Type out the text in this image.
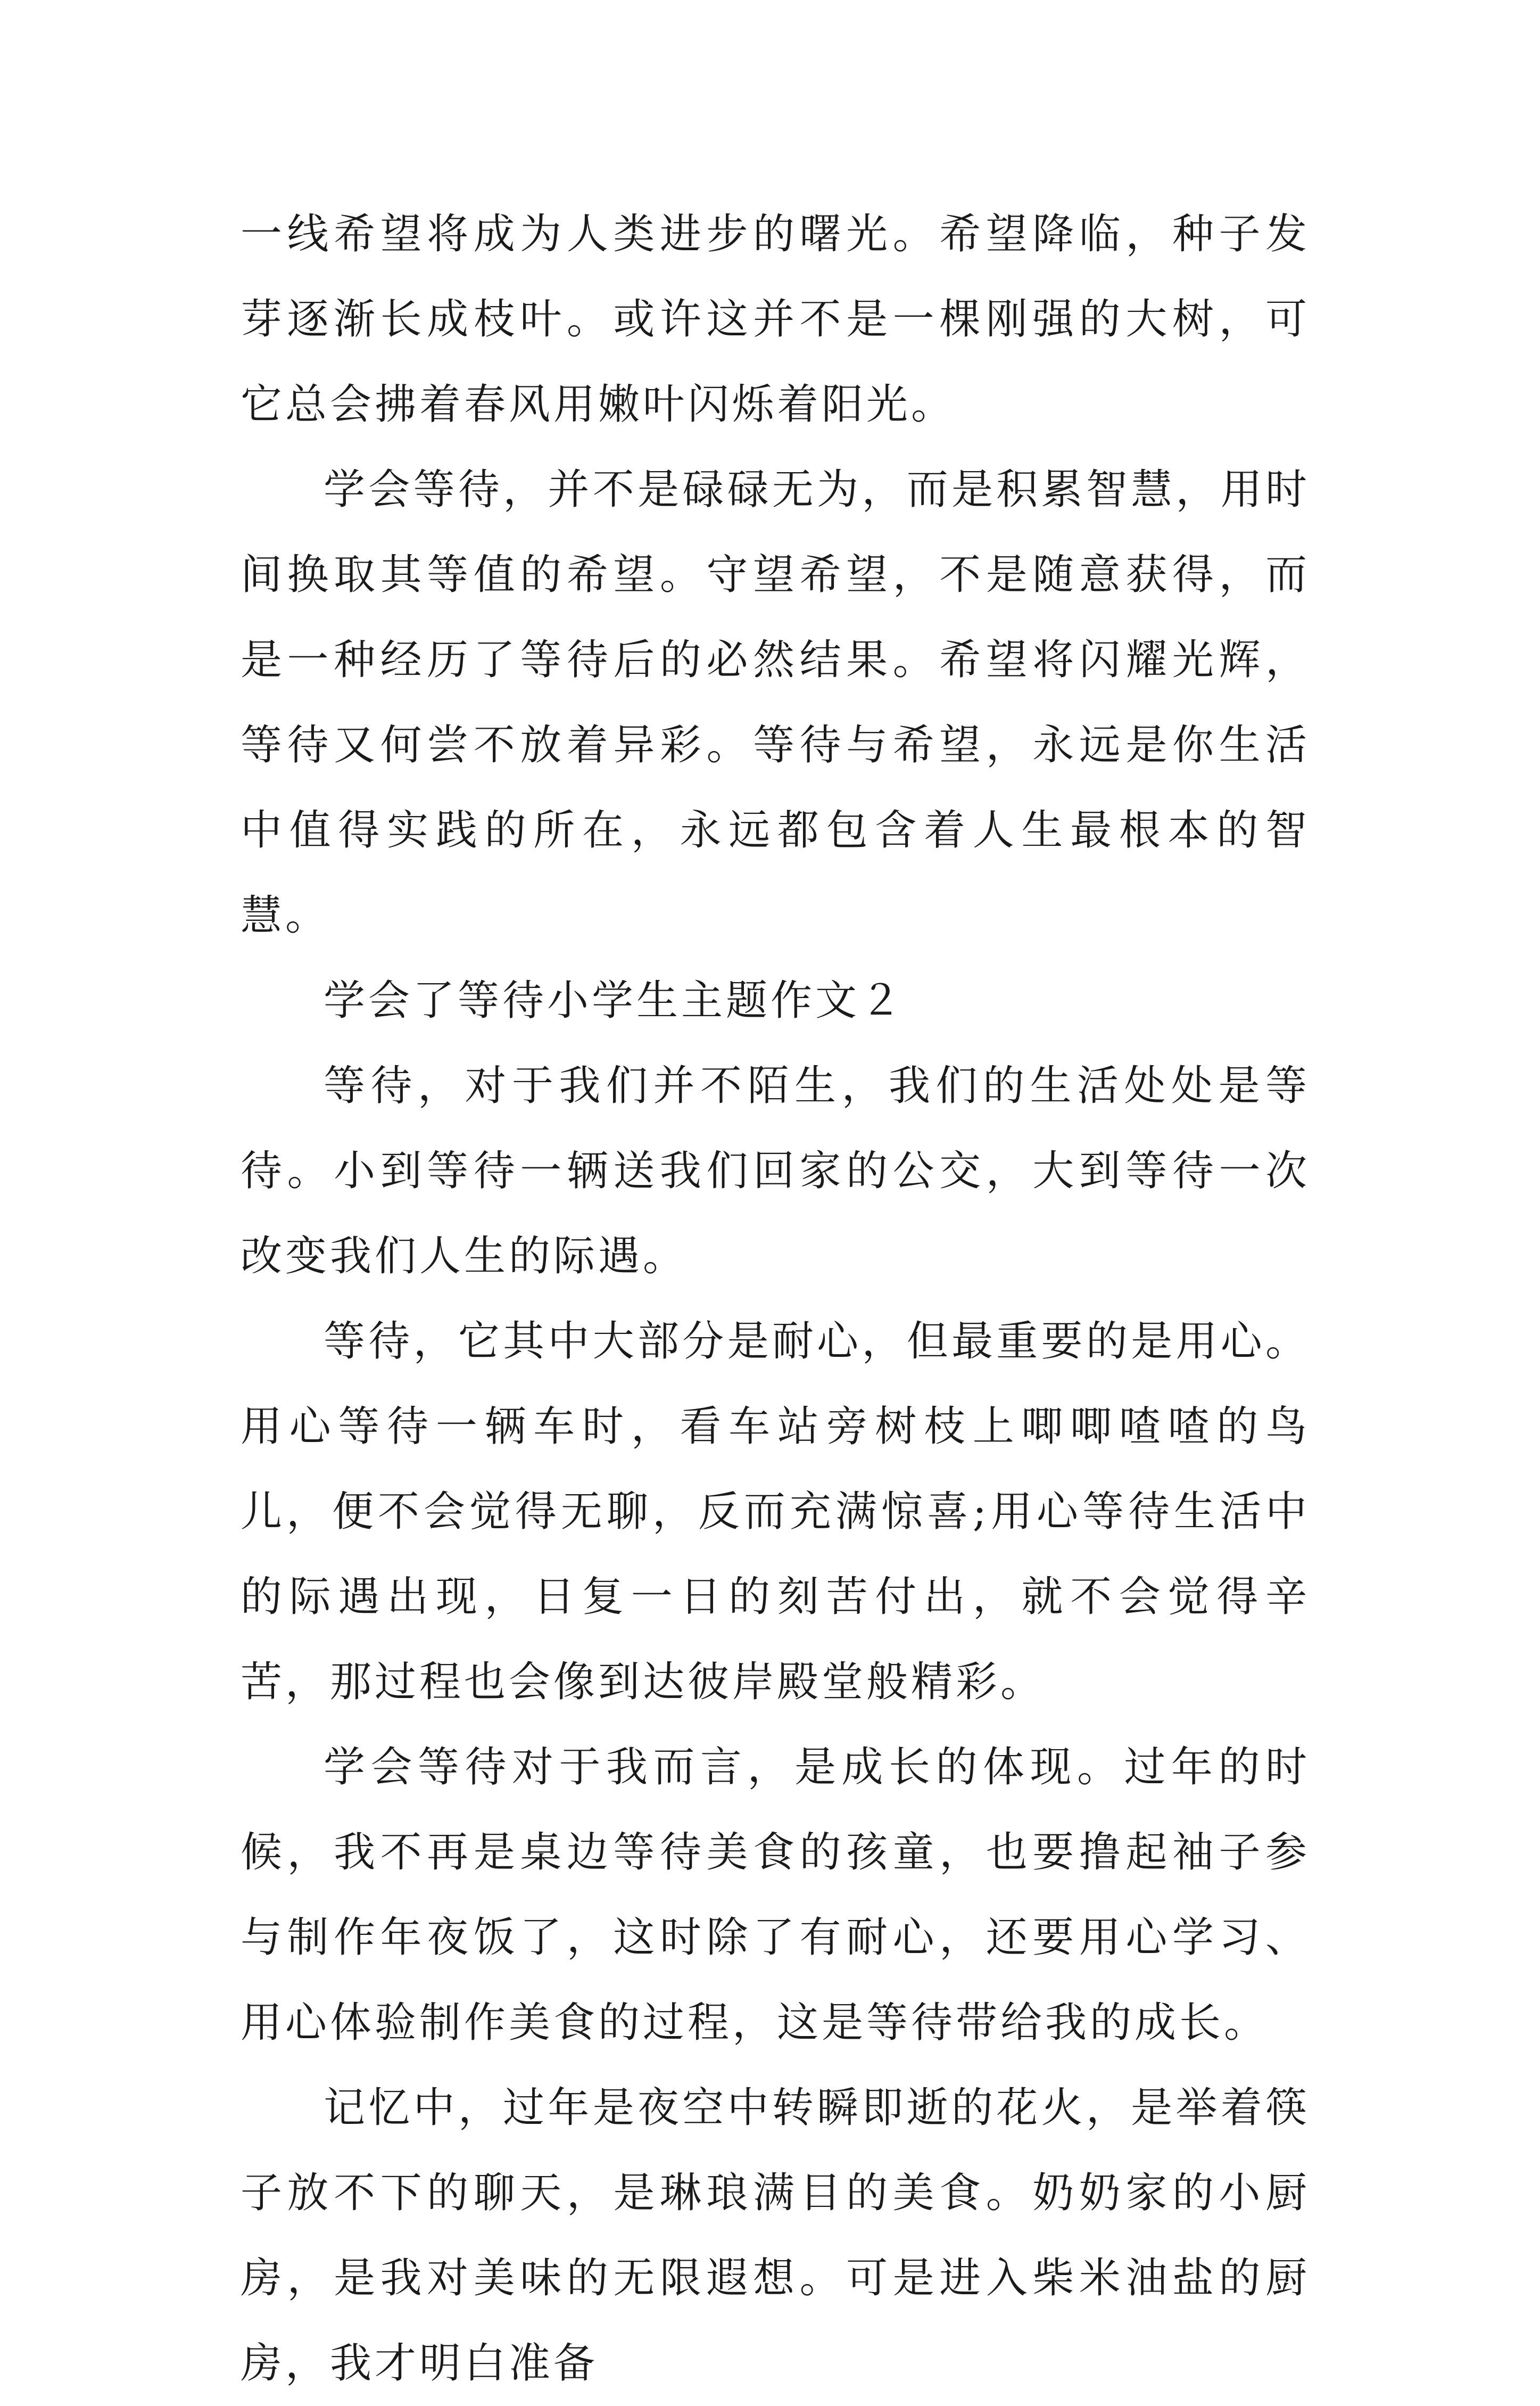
一线希望将成为人类进步的曙光。希望降临，种子发芽逐渐长成枝叶。或许这并不是一棵刚强的大树，可它总会拂着春风用嫩叶闪烁着阳光。

学会等待，并不是碌碌无为，而是积累智慧，用时间换取其等值的希望。守望希望，不是随意获得，而是一种经历了等待后的必然结果。希望将闪耀光辉，等待又何尝不放着异彩。等待与希望，永远是你生活中值得实践的所在，永远都包含着人生最根本的智慧。

学会了等待小学生主题作文２

等待，对于我们并不陌生，我们的生活处处是等待。小到等待一辆送我们回家的公交，大到等待一次改变我们人生的际遇。

等待，它其中大部分是耐心，但最重要的是用心。用心等待一辆车时，看车站旁树枝上唧唧喳喳的鸟儿，便不会觉得无聊，反而充满惊喜;用心等待生活中的际遇出现，日复一日的刻苦付出，就不会觉得辛苦，那过程也会像到达彼岸殿堂般精彩。

学会等待对于我而言，是成长的体现。过年的时候，我不再是桌边等待美食的孩童，也要撸起袖子参与制作年夜饭了，这时除了有耐心，还要用心学习、用心体验制作美食的过程，这是等待带给我的成长。

记忆中，过年是夜空中转瞬即逝的花火，是举着筷子放不下的聊天，是琳琅满目的美食。奶奶家的小厨房，是我对美味的无限遐想。可是进入柴米油盐的厨房，我才明白准备
